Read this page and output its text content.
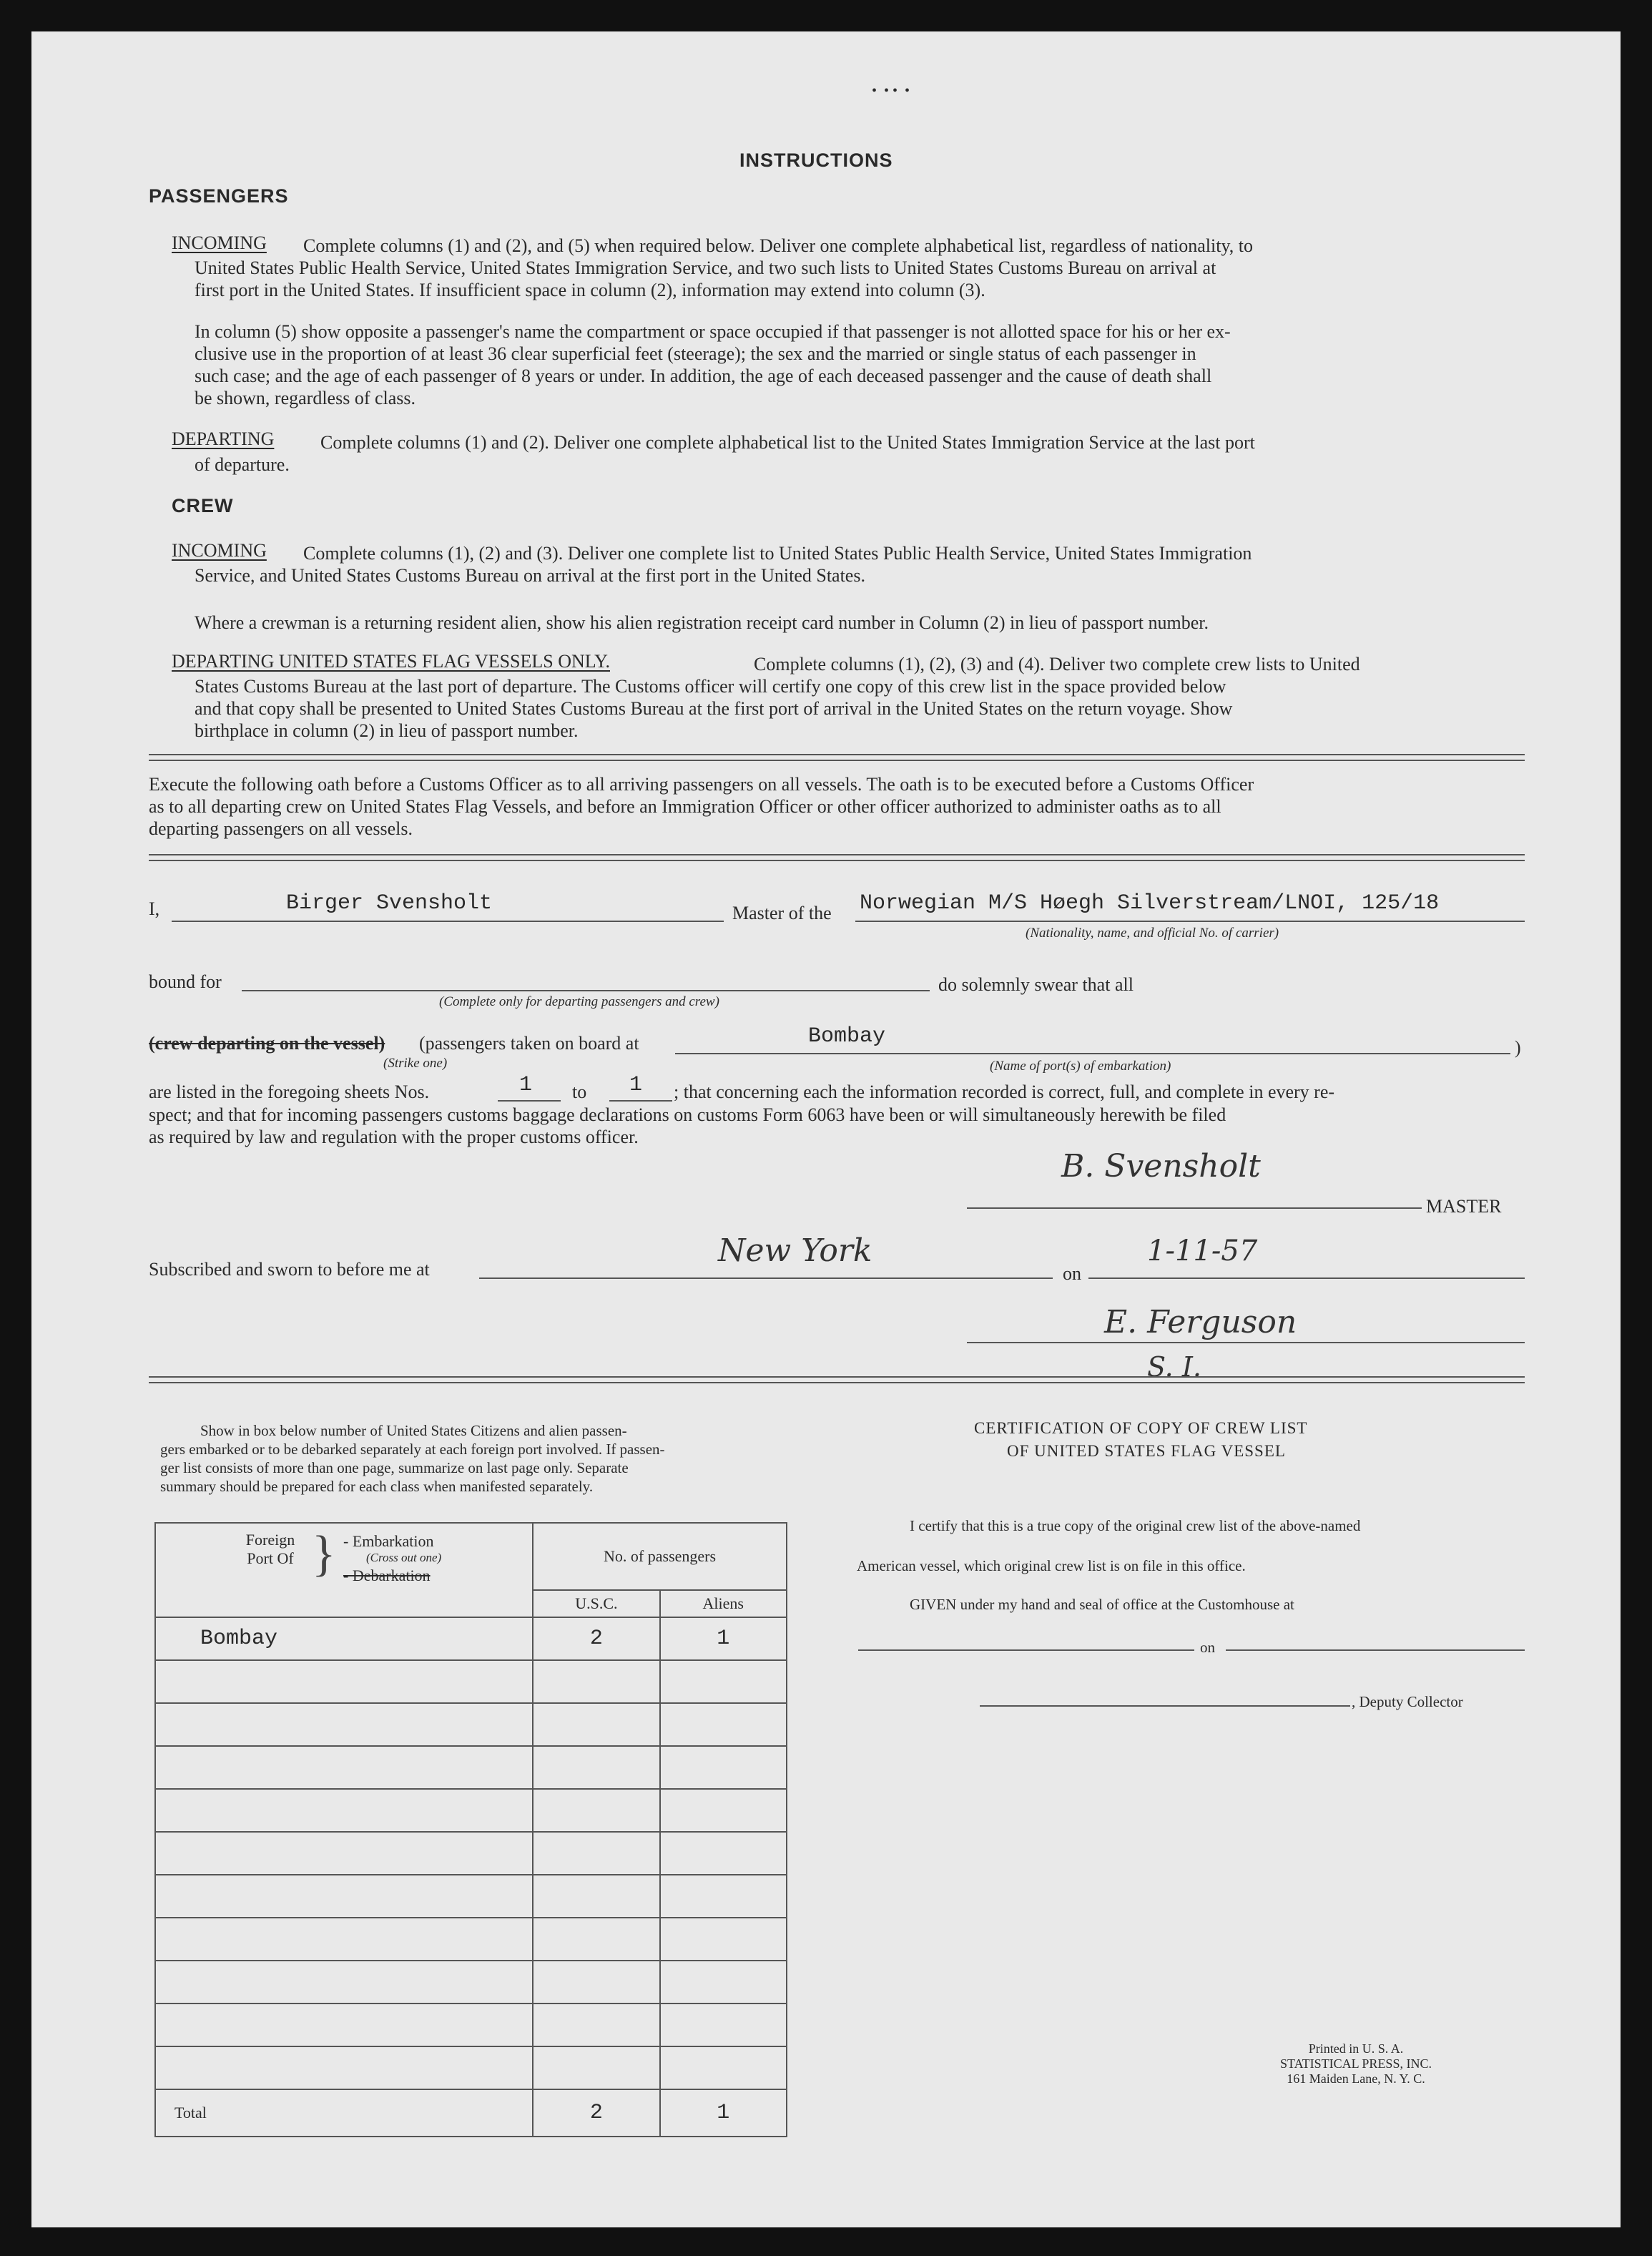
•  • •  •
INSTRUCTIONS
PASSENGERS
INCOMING Complete columns (1) and (2), and (5) when required below. Deliver one complete alphabetical list, regardless of nationality, to
United States Public Health Service, United States Immigration Service, and two such lists to United States Customs Bureau on arrival at
first port in the United States. If insufficient space in column (2), information may extend into column (3).
In column (5) show opposite a passenger's name the compartment or space occupied if that passenger is not allotted space for his or her ex-
clusive use in the proportion of at least 36 clear superficial feet (steerage); the sex and the married or single status of each passenger in
such case; and the age of each passenger of 8 years or under. In addition, the age of each deceased passenger and the cause of death shall
be shown, regardless of class.
DEPARTING Complete columns (1) and (2). Deliver one complete alphabetical list to the United States Immigration Service at the last port
of departure.
CREW
INCOMING Complete columns (1), (2) and (3). Deliver one complete list to United States Public Health Service, United States Immigration
Service, and United States Customs Bureau on arrival at the first port in the United States.
Where a crewman is a returning resident alien, show his alien registration receipt card number in Column (2) in lieu of passport number.
DEPARTING UNITED STATES FLAG VESSELS ONLY.	Complete columns (1), (2), (3) and (4). Deliver two complete crew lists to United
States Customs Bureau at the last port of departure. The Customs officer will certify one copy of this crew list in the space provided below
and that copy shall be presented to United States Customs Bureau at the first port of arrival in the United States on the return voyage. Show
birthplace in column (2) in lieu of passport number.
Execute the following oath before a Customs Officer as to all arriving passengers on all vessels. The oath is to be executed before a Customs Officer
as to all departing crew on United States Flag Vessels, and before an Immigration Officer or other officer authorized to administer oaths as to all
departing passengers on all vessels.
I,	Birger Svensholt	Master of the Norwegian M/S Høegh Silverstream/LNOI, 125/18
(Nationality, name, and official No. of carrier)
bound for
(Complete only for departing passengers and crew)
do solemnly swear that all
(crew departing on the vessel)
(Strike one)
(passengers taken on board at	Bombay
(Name of port(s) of embarkation)
)
are listed in the foregoing sheets Nos.	1 to 1 ; that concerning each the information recorded is correct, full, and complete in every re-
spect; and that for incoming passengers customs baggage declarations on customs Form 6063 have been or will simultaneously herewith be filed
as required by law and regulation with the proper customs officer.
B. Svensholt
MASTER
Subscribed and sworn to before me at
New York
on
1-11-57
E. Ferguson
S. I.
Show in box below number of United States Citizens and alien passen-
gers embarked or to be debarked separately at each foreign port involved. If passen-
ger list consists of more than one page, summarize on last page only. Separate
summary should be prepared for each class when manifested separately.
Foreign Port Of } - Embarkation
(Cross out one)
- Debarkation	No. of passengers	
	U.S.C.	Aliens
Bombay	2	1

Total	2	1
CERTIFICATION OF COPY OF CREW LIST
OF UNITED STATES FLAG VESSEL
I certify that this is a true copy of the original crew list of the above-named
American vessel, which original crew list is on file in this office.
GIVEN under my hand and seal of office at the Customhouse at
on
, Deputy Collector
Printed in U. S. A.
STATISTICAL PRESS, INC.
161 Maiden Lane, N. Y. C.
